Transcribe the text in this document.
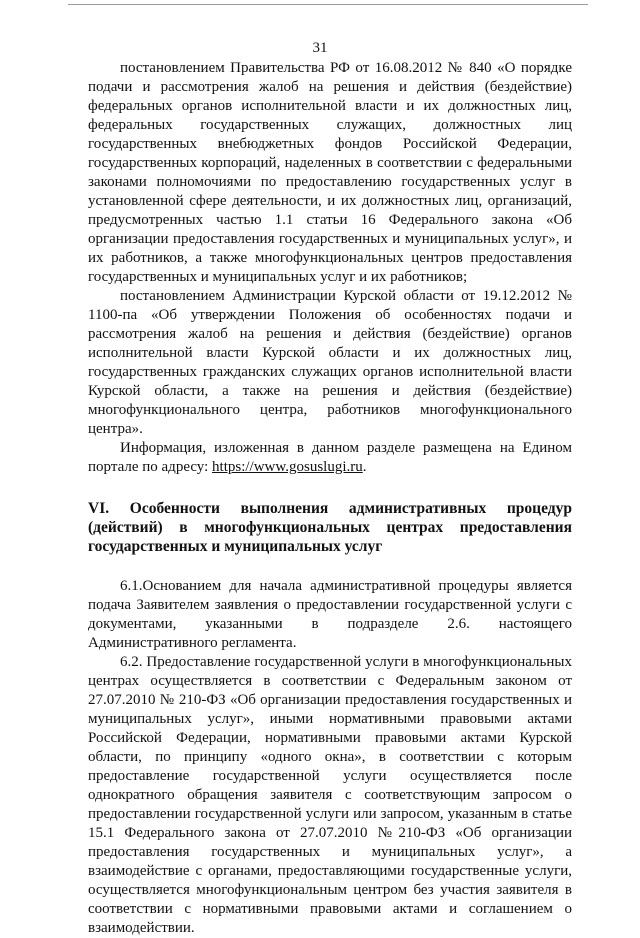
31

постановлением Правительства РФ от 16.08.2012 № 840 «О порядке подачи и рассмотрения жалоб на решения и действия (бездействие) федеральных органов исполнительной власти и их должностных лиц, федеральных государственных служащих, должностных лиц государственных внебюджетных фондов Российской Федерации, государственных корпораций, наделенных в соответствии с федеральными законами полномочиями по предоставлению государственных услуг в установленной сфере деятельности, и их должностных лиц, организаций, предусмотренных частью 1.1 статьи 16 Федерального закона «Об организации предоставления государственных и муниципальных услуг», и их работников, а также многофункциональных центров предоставления государственных и муниципальных услуг и их работников;

постановлением Администрации Курской области от 19.12.2012 № 1100-па «Об утверждении Положения об особенностях подачи и рассмотрения жалоб на решения и действия (бездействие) органов исполнительной власти Курской области и их должностных лиц, государственных гражданских служащих органов исполнительной власти Курской области, а также на решения и действия (бездействие) многофункционального центра, работников многофункционального центра».

Информация, изложенная в данном разделе размещена на Едином портале по адресу: https://www.gosuslugi.ru.

VI. Особенности выполнения административных процедур (действий) в многофункциональных центрах предоставления государственных и муниципальных услуг

6.1.Основанием для начала административной процедуры является подача Заявителем заявления о предоставлении государственной услуги с документами, указанными в подразделе 2.6. настоящего Административного регламента.

6.2. Предоставление государственной услуги в многофункциональных центрах осуществляется в соответствии с Федеральным законом от 27.07.2010 № 210-ФЗ «Об организации предоставления государственных и муниципальных услуг», иными нормативными правовыми актами Российской Федерации, нормативными правовыми актами Курской области, по принципу «одного окна», в соответствии с которым предоставление государственной услуги осуществляется после однократного обращения заявителя с соответствующим запросом о предоставлении государственной услуги или запросом, указанным в статье 15.1 Федерального закона от 27.07.2010 №210-ФЗ «Об организации предоставления государственных и муниципальных услуг», а взаимодействие с органами, предоставляющими государственные услуги, осуществляется многофункциональным центром без участия заявителя в соответствии с нормативными правовыми актами и соглашением о взаимодействии.
